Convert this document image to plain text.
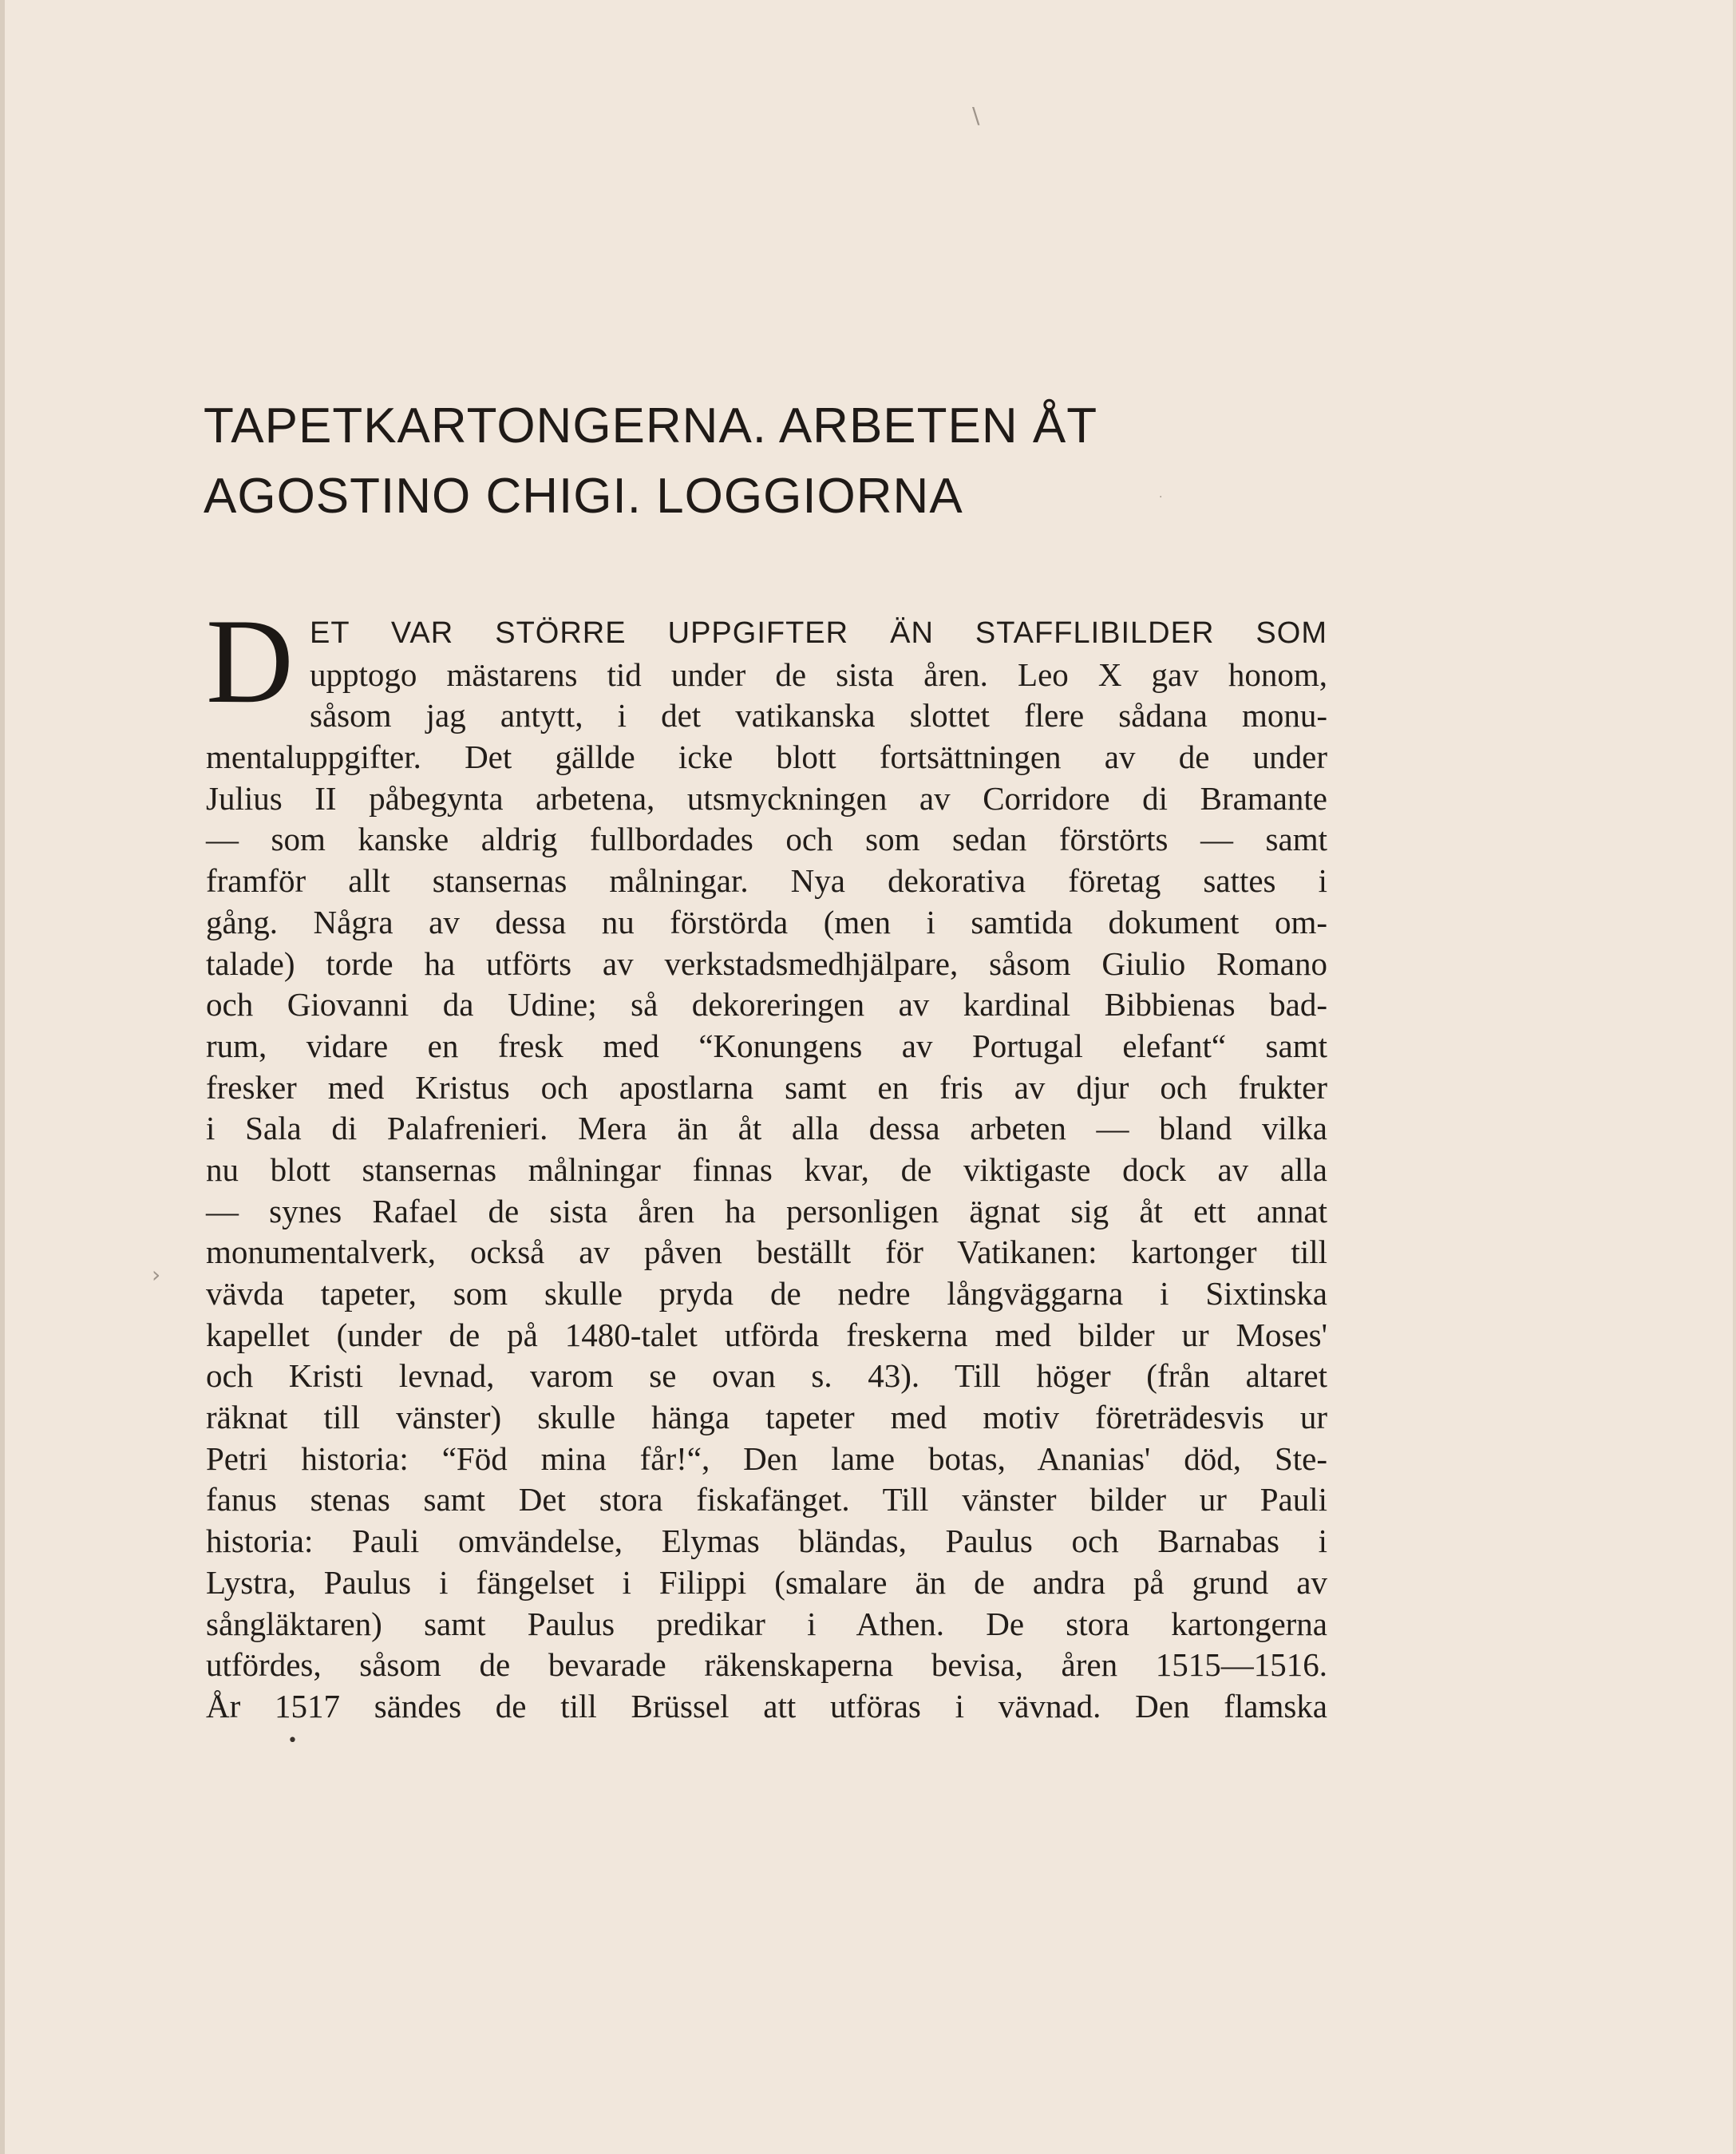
TAPETKARTONGERNA. ARBETEN ÅT
AGOSTINO CHIGI. LOGGIORNA
D ET VAR STÖRRE UPPGIFTER ÄN STAFFLIBILDER SOM
upptogo mästarens tid under de sista åren. Leo X gav honom,
såsom jag antytt, i det vatikanska slottet flere sådana monu-
mentaluppgifter. Det gällde icke blott fortsättningen av de under
Julius II påbegynta arbetena, utsmyckningen av Corridore di Bramante
— som kanske aldrig fullbordades och som sedan förstörts — samt
framför allt stansernas målningar. Nya dekorativa företag sattes i
gång. Några av dessa nu förstörda (men i samtida dokument om-
talade) torde ha utförts av verkstadsmedhjälpare, såsom Giulio Romano
och Giovanni da Udine; så dekoreringen av kardinal Bibbienas bad-
rum, vidare en fresk med “Konungens av Portugal elefant“ samt
fresker med Kristus och apostlarna samt en fris av djur och frukter
i Sala di Palafrenieri. Mera än åt alla dessa arbeten — bland vilka
nu blott stansernas målningar finnas kvar, de viktigaste dock av alla
— synes Rafael de sista åren ha personligen ägnat sig åt ett annat
monumentalverk, också av påven beställt för Vatikanen: kartonger till
vävda tapeter, som skulle pryda de nedre långväggarna i Sixtinska
kapellet (under de på 1480-talet utförda freskerna med bilder ur Moses'
och Kristi levnad, varom se ovan s. 43). Till höger (från altaret
räknat till vänster) skulle hänga tapeter med motiv företrädesvis ur
Petri historia: “Föd mina får!“, Den lame botas, Ananias' död, Ste-
fanus stenas samt Det stora fiskafänget. Till vänster bilder ur Pauli
historia: Pauli omvändelse, Elymas bländas, Paulus och Barnabas i
Lystra, Paulus i fängelset i Filippi (smalare än de andra på grund av
sångläktaren) samt Paulus predikar i Athen. De stora kartongerna
utfördes, såsom de bevarade räkenskaperna bevisa, åren 1515—1516.
År 1517 sändes de till Brüssel att utföras i vävnad. Den flamska
\
·
›
•
